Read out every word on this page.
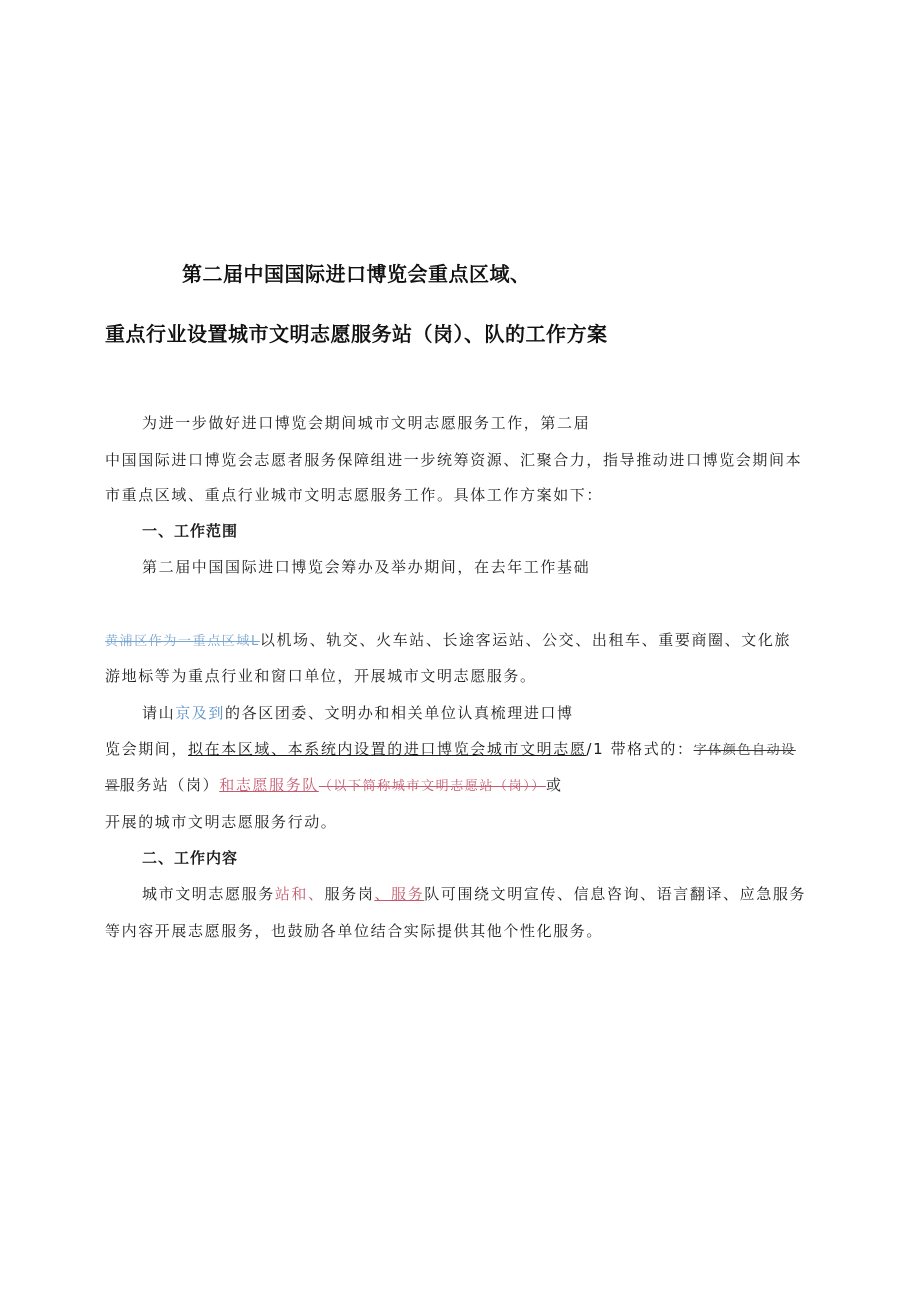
第二届中国国际进口博览会重点区域、
重点行业设置城市文明志愿服务站（岗）、队的工作方案
为进一步做好进口博览会期间城市文明志愿服务工作，第二届
中国国际进口博览会志愿者服务保障组进一步统筹资源、汇聚合力，指导推动进口博览会期间本
市重点区域、重点行业城市文明志愿服务工作。具体工作方案如下：
一、工作范围
第二届中国国际进口博览会筹办及举办期间，在去年工作基础
黄浦区作为一重点区域L以机场、轨交、火车站、长途客运站、公交、出租车、重要商圈、文化旅
游地标等为重点行业和窗口单位，开展城市文明志愿服务。
请山京及到的各区团委、文明办和相关单位认真梳理进口博
览会期间，拟在本区域、本系统内设置的进口博览会城市文明志愿/1 带格式的：字体颜色自动设
置服务站（岗）和志愿服务队（以下简称城市文明志愿站（岗））或
开展的城市文明志愿服务行动。
二、工作内容
城市文明志愿服务站和、服务岗、服务队可围绕文明宣传、信息咨询、语言翻译、应急服务
等内容开展志愿服务，也鼓励各单位结合实际提供其他个性化服务。
